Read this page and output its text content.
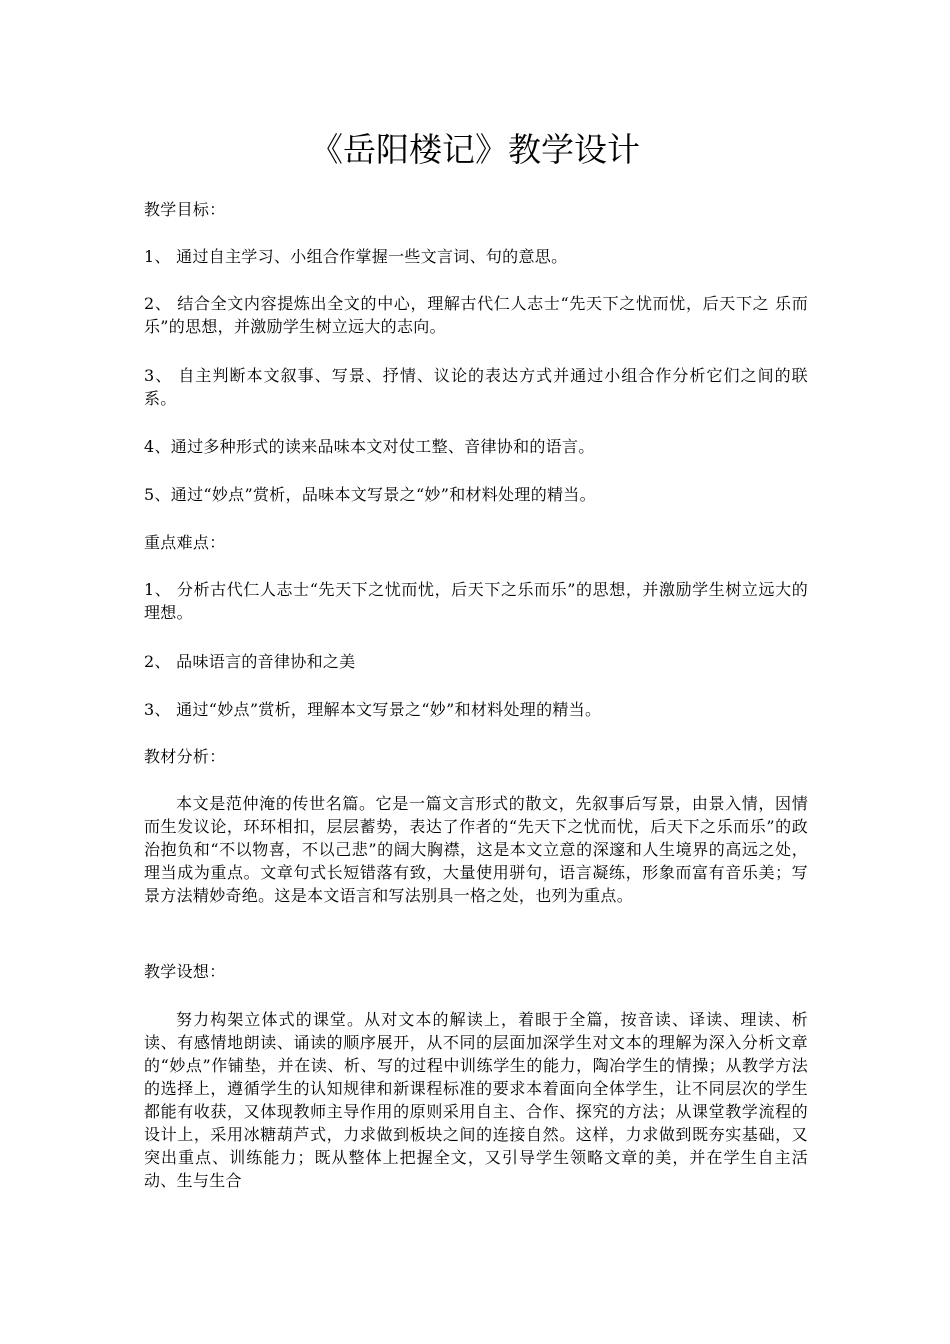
《岳阳楼记》教学设计

教学目标：

1、 通过自主学习、小组合作掌握一些文言词、句的意思。

2、 结合全文内容提炼出全文的中心，理解古代仁人志士“先天下之忧而忧，后天下之 乐而乐”的思想，并激励学生树立远大的志向。

3、 自主判断本文叙事、写景、抒情、议论的表达方式并通过小组合作分析它们之间的联系。

4、通过多种形式的读来品味本文对仗工整、音律协和的语言。

5、通过“妙点”赏析，品味本文写景之“妙”和材料处理的精当。

重点难点：

1、 分析古代仁人志士“先天下之忧而忧，后天下之乐而乐”的思想，并激励学生树立远大的理想。

2、 品味语言的音律协和之美

3、 通过“妙点”赏析，理解本文写景之“妙”和材料处理的精当。

教材分析：

本文是范仲淹的传世名篇。它是一篇文言形式的散文，先叙事后写景，由景入情，因情而生发议论，环环相扣，层层蓄势，表达了作者的“先天下之忧而忧，后天下之乐而乐”的政治抱负和“不以物喜，不以己悲”的阔大胸襟，这是本文立意的深邃和人生境界的高远之处，理当成为重点。文章句式长短错落有致，大量使用骈句，语言凝练，形象而富有音乐美；写景方法精妙奇绝。这是本文语言和写法别具一格之处，也列为重点。

教学设想：

努力构架立体式的课堂。从对文本的解读上，着眼于全篇，按音读、译读、理读、析读、有感情地朗读、诵读的顺序展开，从不同的层面加深学生对文本的理解为深入分析文章的“妙点”作铺垫，并在读、析、写的过程中训练学生的能力，陶冶学生的情操；从教学方法的选择上，遵循学生的认知规律和新课程标准的要求本着面向全体学生，让不同层次的学生都能有收获，又体现教师主导作用的原则采用自主、合作、探究的方法；从课堂教学流程的设计上，采用冰糖葫芦式，力求做到板块之间的连接自然。这样，力求做到既夯实基础，又突出重点、训练能力；既从整体上把握全文，又引导学生领略文章的美，并在学生自主活动、生与生合
